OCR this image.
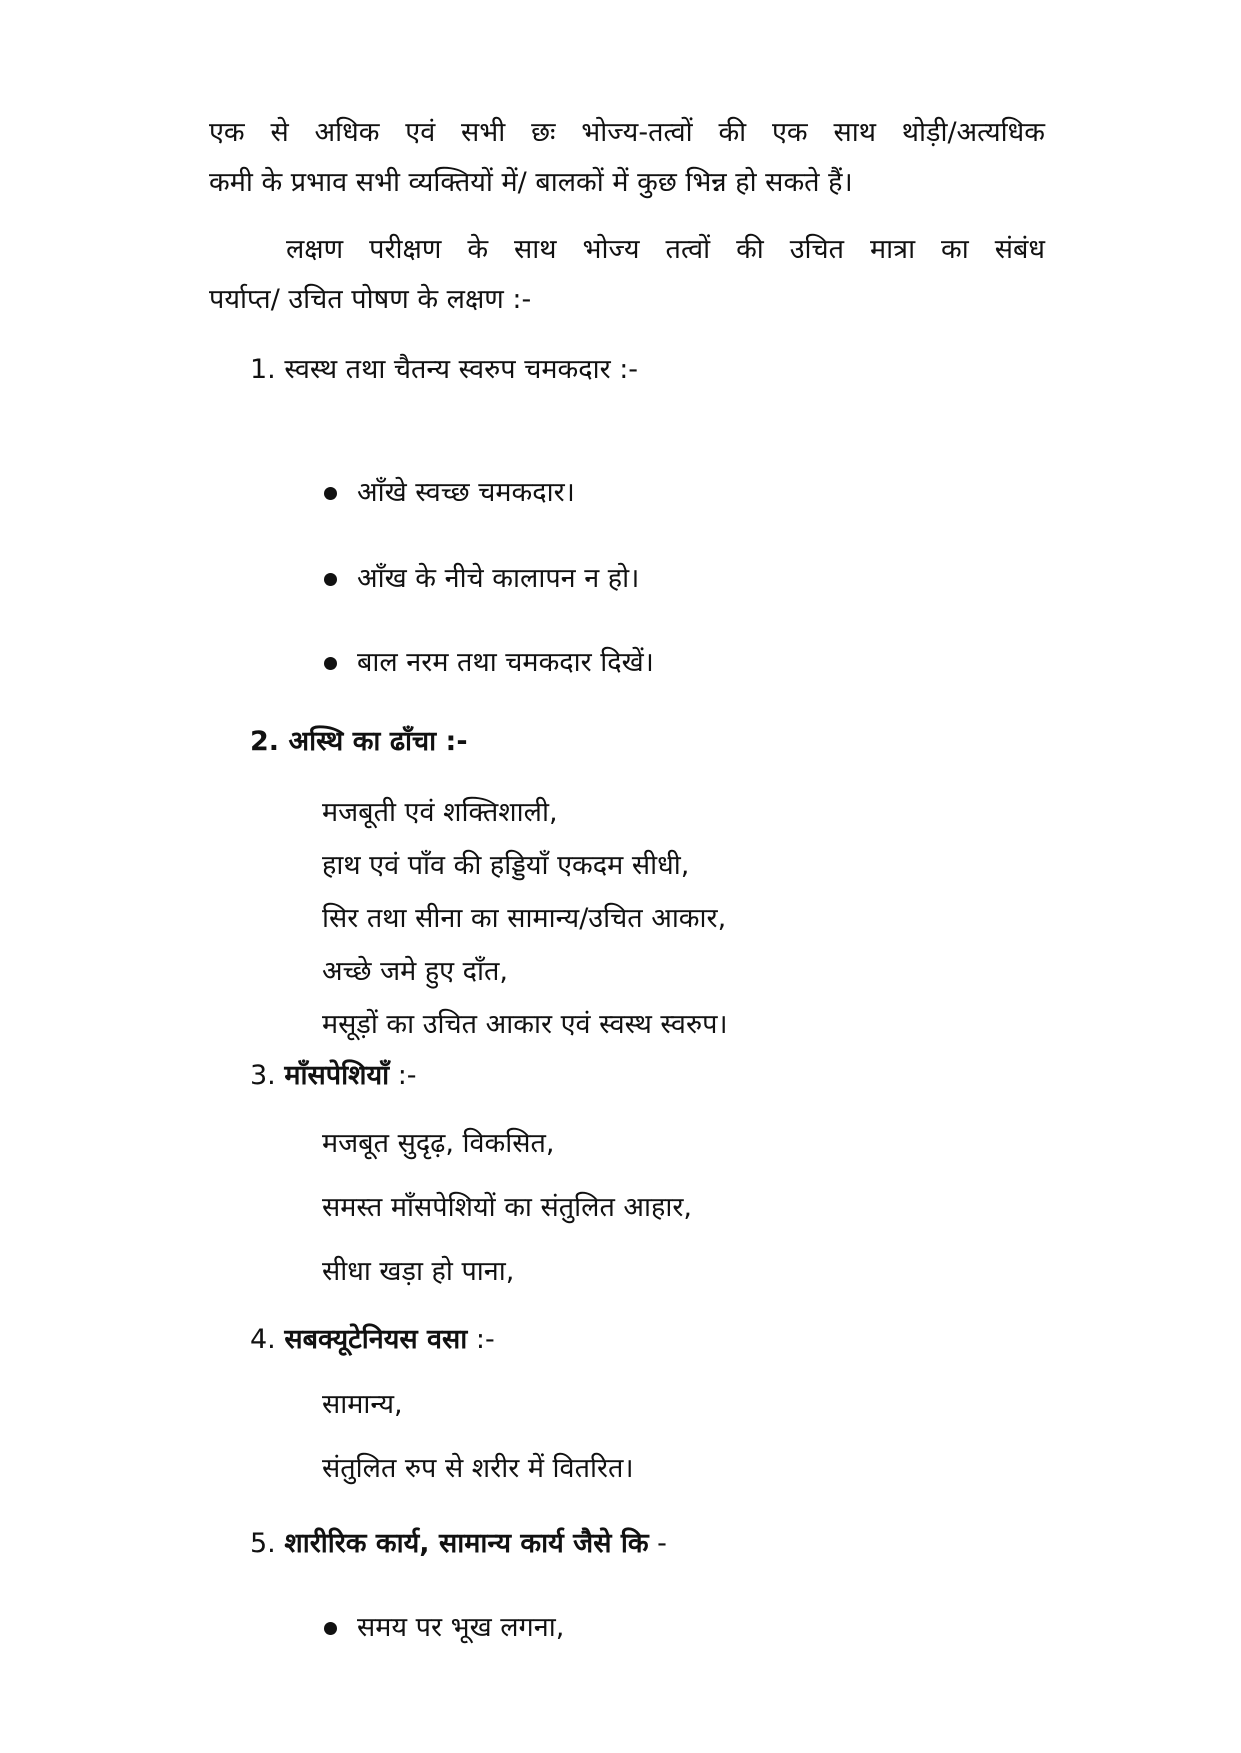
एक से अधिक एवं सभी छः भोज्य-तत्वों की एक साथ थोड़ी/अत्यधिक
कमी के प्रभाव सभी व्यक्तियों में/ बालकों में कुछ भिन्न हो सकते हैं।
लक्षण परीक्षण के साथ भोज्य तत्वों की उचित मात्रा का संबंध
पर्याप्त/ उचित पोषण के लक्षण :-
1. स्वस्थ तथा चैतन्य स्वरुप चमकदार :-
आँखे स्वच्छ चमकदार।
आँख के नीचे कालापन न हो।
बाल नरम तथा चमकदार दिखें।
2. अस्थि का ढाँचा :-
मजबूती एवं शक्तिशाली,
हाथ एवं पाँव की हड्डियाँ एकदम सीधी,
सिर तथा सीना का सामान्य/उचित आकार,
अच्छे जमे हुए दाँत,
मसूड़ों का उचित आकार एवं स्वस्थ स्वरुप।
3. माँसपेशियाँ :-
मजबूत सुदृढ़, विकसित,
समस्त माँसपेशियों का संतुलित आहार,
सीधा खड़ा हो पाना,
4. सबक्यूटेनियस वसा :-
सामान्य,
संतुलित रुप से शरीर में वितरित।
5. शारीरिक कार्य, सामान्य कार्य जैसे कि -
समय पर भूख लगना,
